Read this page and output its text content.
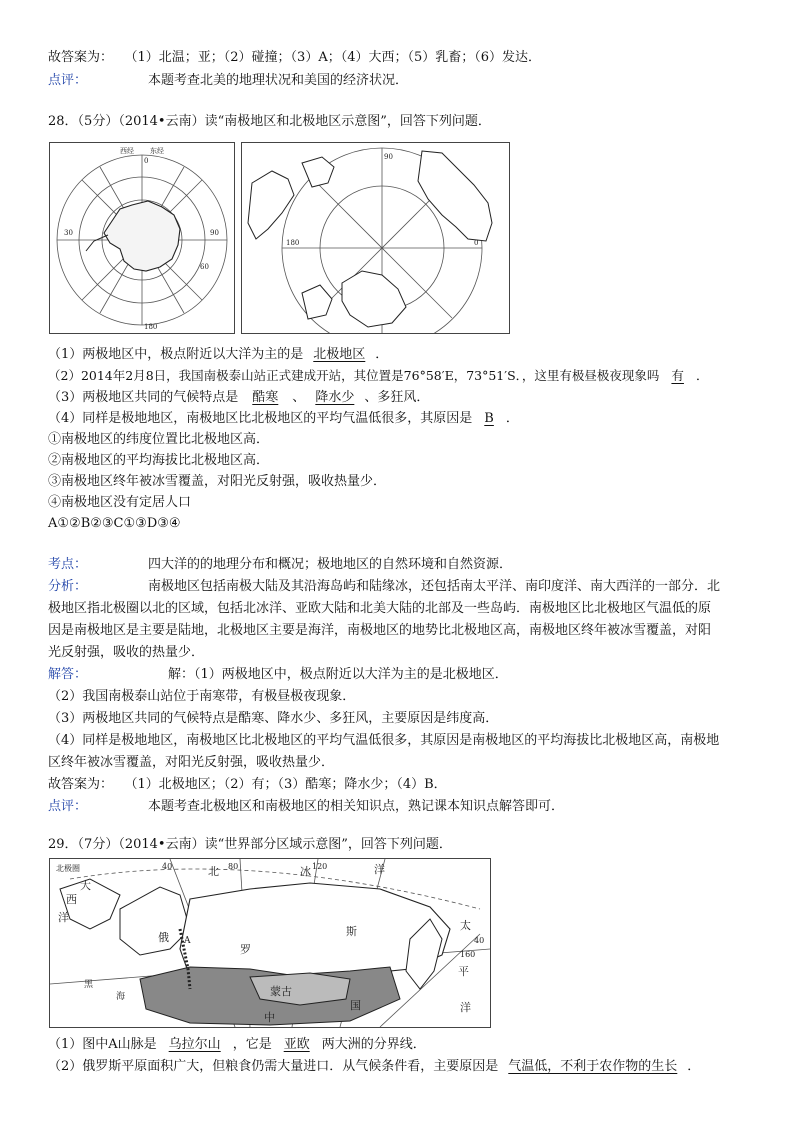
故答案为： （1）北温；亚；（2）碰撞；（3）A；（4）大西；（5）乳畜；（6）发达．
点评：	本题考查北美的地理状况和美国的经济状况．
28．（5分）（2014•云南）读“南极地区和北极地区示意图”，回答下列问题．
西经 东经
180
90
60
30
0	90
0
180
（1）两极地区中，极点附近以大洋为主的是 北极地区 ．
（2）2014年2月8日，我国南极泰山站正式建成开站，其位置是76°58′E，73°51′S．，这里有极昼极夜现象吗 有 ．
（3）两极地区共同的气候特点是 酷寒 、 降水少 、多狂风．
（4）同样是极地地区，南极地区比北极地区的平均气温低很多，其原因是 B ．
①南极地区的纬度位置比北极地区高．
②南极地区的平均海拔比北极地区高．
③南极地区终年被冰雪覆盖，对阳光反射强，吸收热量少．
④南极地区没有定居人口
A①②B②③C①③D③④
考点：	四大洋的的地理分布和概况；极地地区的自然环境和自然资源．
分析：	南极地区包括南极大陆及其沿海岛屿和陆缘冰，还包括南太平洋、南印度洋、南大西洋的一部分．北
极地区指北极圈以北的区域，包括北冰洋、亚欧大陆和北美大陆的北部及一些岛屿．南极地区比北极地区气温低的原
因是南极地区是主要是陆地，北极地区主要是海洋，南极地区的地势比北极地区高，南极地区终年被冰雪覆盖，对阳
光反射强，吸收的热量少．
解答：	解：（1）两极地区中，极点附近以大洋为主的是北极地区．
（2）我国南极泰山站位于南寒带，有极昼极夜现象．
（3）两极地区共同的气候特点是酷寒、降水少、多狂风，主要原因是纬度高．
（4）同样是极地地区，南极地区比北极地区的平均气温低很多，其原因是南极地区的平均海拔比北极地区高，南极地
区终年被冰雪覆盖，对阳光反射强，吸收热量少．
故答案为： （1）北极地区；（2）有；（3）酷寒；降水少；（4）B．
点评：	本题考查北极地区和南极地区的相关知识点，熟记课本知识点解答即可．
29．（7分）（2014•云南）读“世界部分区域示意图”，回答下列问题．
北极圈	40	80	120
40
160
北	冰	洋
大
西
洋
斯
俄 A
罗
太
平
洋
蒙古
中
国
黑
海
（1）图中A山脉是 乌拉尔山 ，它是 亚欧 两大洲的分界线．
（2）俄罗斯平原面积广大，但粮食仍需大量进口．从气候条件看，主要原因是 气温低，不利于农作物的生长 ．
